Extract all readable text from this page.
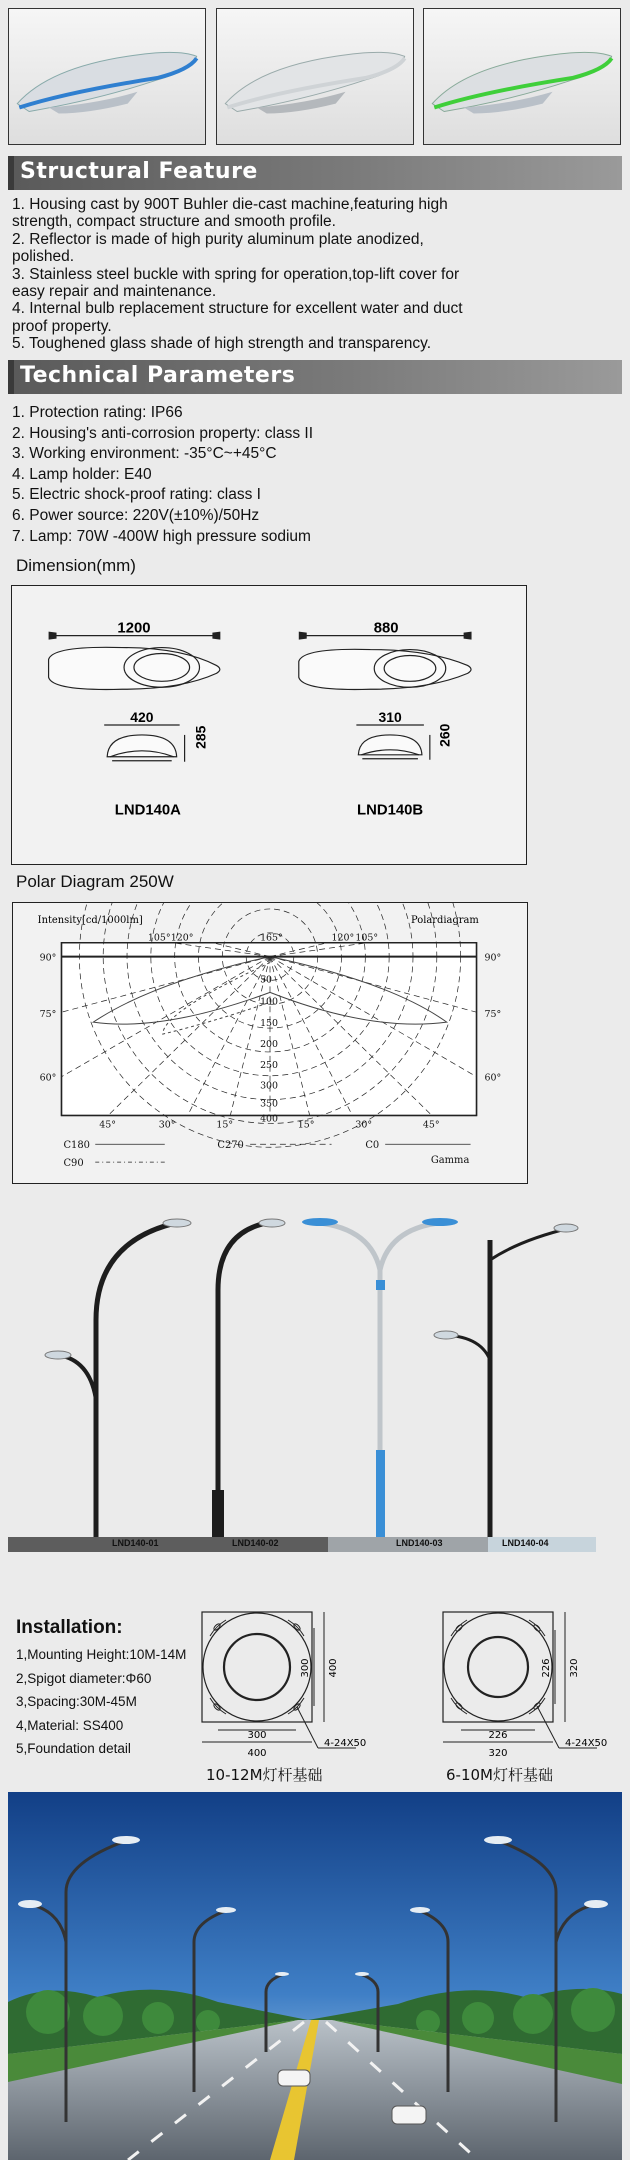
Structural Feature
1. Housing cast by 900T Buhler die-cast machine,featuring high
strength, compact structure and smooth profile.
2. Reflector is made of high purity aluminum plate anodized,
polished.
3. Stainless steel buckle with spring for operation,top-lift cover for
easy repair and maintenance.
4. Internal bulb replacement structure for excellent water and duct
proof property.
5. Toughened glass shade of high strength and transparency.
Technical Parameters
1. Protection rating: IP66
2. Housing's anti-corrosion property: class II
3. Working environment: -35°C~+45°C
4. Lamp holder: E40
5. Electric shock-proof rating: class I
6. Power source: 220V(±10%)/50Hz
7. Lamp: 70W -400W high pressure sodium
Dimension(mm)
1200
420
285
LND140A
880
310
260
LND140B
Polar Diagram 250W
Intensity[cd/1000lm]	Polardiagram
105° 120°	165°	120° 105°
90°
75°
60°
90°
75°
60°
45°	30°	15°	15°	30°	45°
50
100
150
200
250
300
350
400
C180	C270	C0
C90	Gamma
LND140-01	LND140-02	LND140-03	LND140-04
Installation:
1,Mounting Height:10M-14M
2,Spigot diameter:Φ60
3,Spacing:30M-45M
4,Material: SS400
5,Foundation detail
300 400
300
400
4-24X50
10-12M灯杆基础
226 320
226
320
4-24X50
6-10M灯杆基础
